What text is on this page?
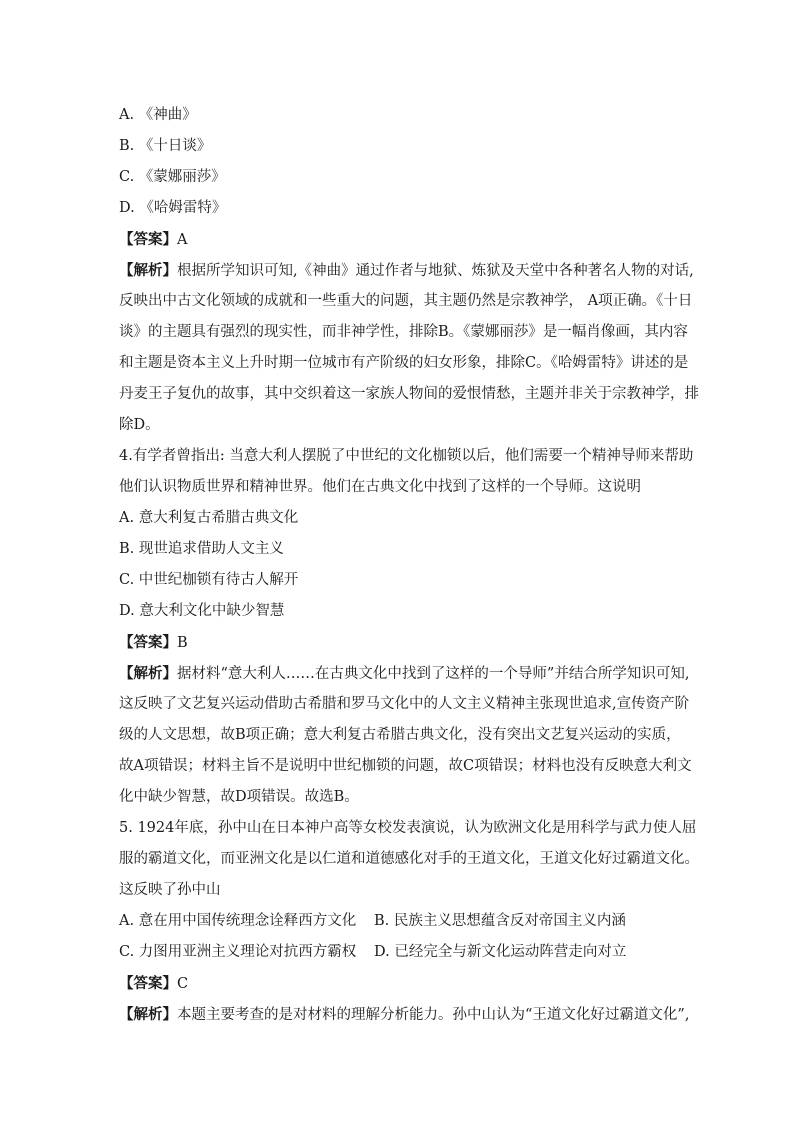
A. 《神曲》
B. 《十日谈》
C. 《蒙娜丽莎》
D. 《哈姆雷特》
【答案】A
【解析】根据所学知识可知,《神曲》通过作者与地狱、炼狱及天堂中各种著名人物的对话,
反映出中古文化领域的成就和一些重大的问题，其主题仍然是宗教神学， A项正确。《十日
谈》的主题具有强烈的现实性，而非神学性，排除B。《蒙娜丽莎》是一幅肖像画，其内容
和主题是资本主义上升时期一位城市有产阶级的妇女形象，排除C。《哈姆雷特》讲述的是
丹麦王子复仇的故事，其中交织着这一家族人物间的爱恨情愁，主题并非关于宗教神学，排
除D。
4.有学者曾指出: 当意大利人摆脱了中世纪的文化枷锁以后，他们需要一个精神导师来帮助
他们认识物质世界和精神世界。他们在古典文化中找到了这样的一个导师。这说明
A. 意大利复古希腊古典文化
B. 现世追求借助人文主义
C. 中世纪枷锁有待古人解开
D. 意大利文化中缺少智慧
【答案】B
【解析】据材料“意大利人……在古典文化中找到了这样的一个导师”并结合所学知识可知,
这反映了文艺复兴运动借助古希腊和罗马文化中的人文主义精神主张现世追求,宣传资产阶
级的人文思想，故B项正确；意大利复古希腊古典文化，没有突出文艺复兴运动的实质，
故A项错误；材料主旨不是说明中世纪枷锁的问题，故C项错误；材料也没有反映意大利文
化中缺少智慧，故D项错误。故选B。
5. 1924年底，孙中山在日本神户高等女校发表演说，认为欧洲文化是用科学与武力使人屈
服的霸道文化，而亚洲文化是以仁道和道德感化对手的王道文化，王道文化好过霸道文化。
这反映了孙中山
A. 意在用中国传统理念诠释西方文化	B. 民族主义思想蕴含反对帝国主义内涵
C. 力图用亚洲主义理论对抗西方霸权	D. 已经完全与新文化运动阵营走向对立
【答案】C
【解析】本题主要考查的是对材料的理解分析能力。孙中山认为“王道文化好过霸道文化”,
